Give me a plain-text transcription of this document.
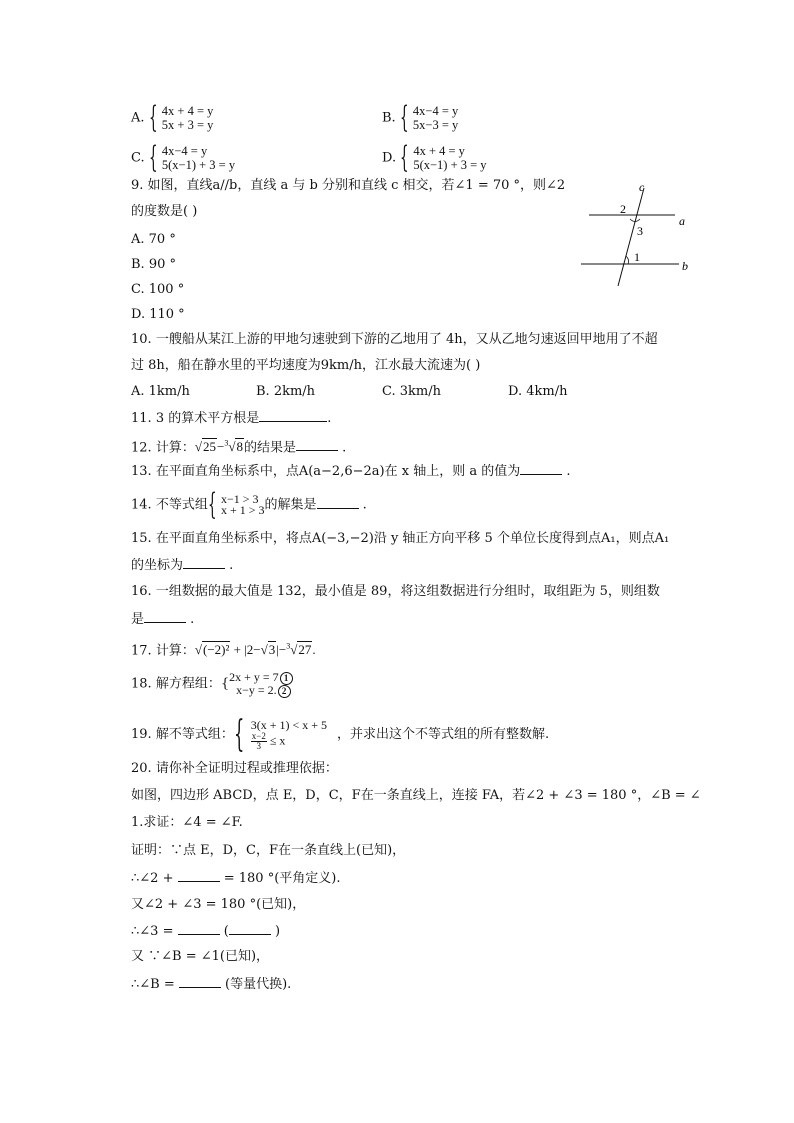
A. { 4x + 4 = y
5x + 3 = y	B. { 4x−4 = y
5x−3 = y
C. { 4x−4 = y
5(x−1) + 3 = y	D. { 4x + 4 = y
5(x−1) + 3 = y
9. 如图，直线a//b，直线 a 与 b 分别和直线 c 相交，若∠1 = 70 °，则∠2
的度数是( )
A. 70 °
B. 90 °
C. 100 °
D. 110 °
c
a
b
2
3
1
10. 一艘船从某江上游的甲地匀速驶到下游的乙地用了 4h，又从乙地匀速返回甲地用了不超
过 8h，船在静水里的平均速度为9km/h，江水最大流速为( )
A. 1km/h	B. 2km/h	C. 3km/h	D. 4km/h
11. 3 的算术平方根是	.
12. 计算：√25−$^3$√8的结果是	.
13. 在平面直角坐标系中，点A(a−2,6−2a)在 x 轴上，则 a 的值为	.
14. 不等式组{ x−1 > 3
x + 1 > 3 的解集是	.
15. 在平面直角坐标系中，将点A(−3,−2)沿 y 轴正方向平移 5 个单位长度得到点A₁，则点A₁
的坐标为	.
16. 一组数据的最大值是 132，最小值是 89，将这组数据进行分组时，取组距为 5，则组数
是	.
17. 计算：√(−2)² + |2−√3|−$^3$√27.
18. 解方程组：{ 2x + y = 7 1
x−y = 2. 2
19. 解不等式组：{ 3(x + 1) < x + 5
$\frac{x-2}{3} \le x$	，并求出这个不等式组的所有整数解.
20. 请你补全证明过程或推理依据：
如图，四边形 ABCD，点 E，D，C，F在一条直线上，连接 FA，若∠2 + ∠3 = 180 °，∠B = ∠
1.求证：∠4 = ∠F.
证明：∵点 E，D，C，F在一条直线上(已知)，
∴∠2 +	= 180 °(平角定义).
又∠2 + ∠3 = 180 °(已知)，
∴∠3 =	(	)
又 ∵∠B = ∠1(已知)，
∴∠B =	(等量代换).
